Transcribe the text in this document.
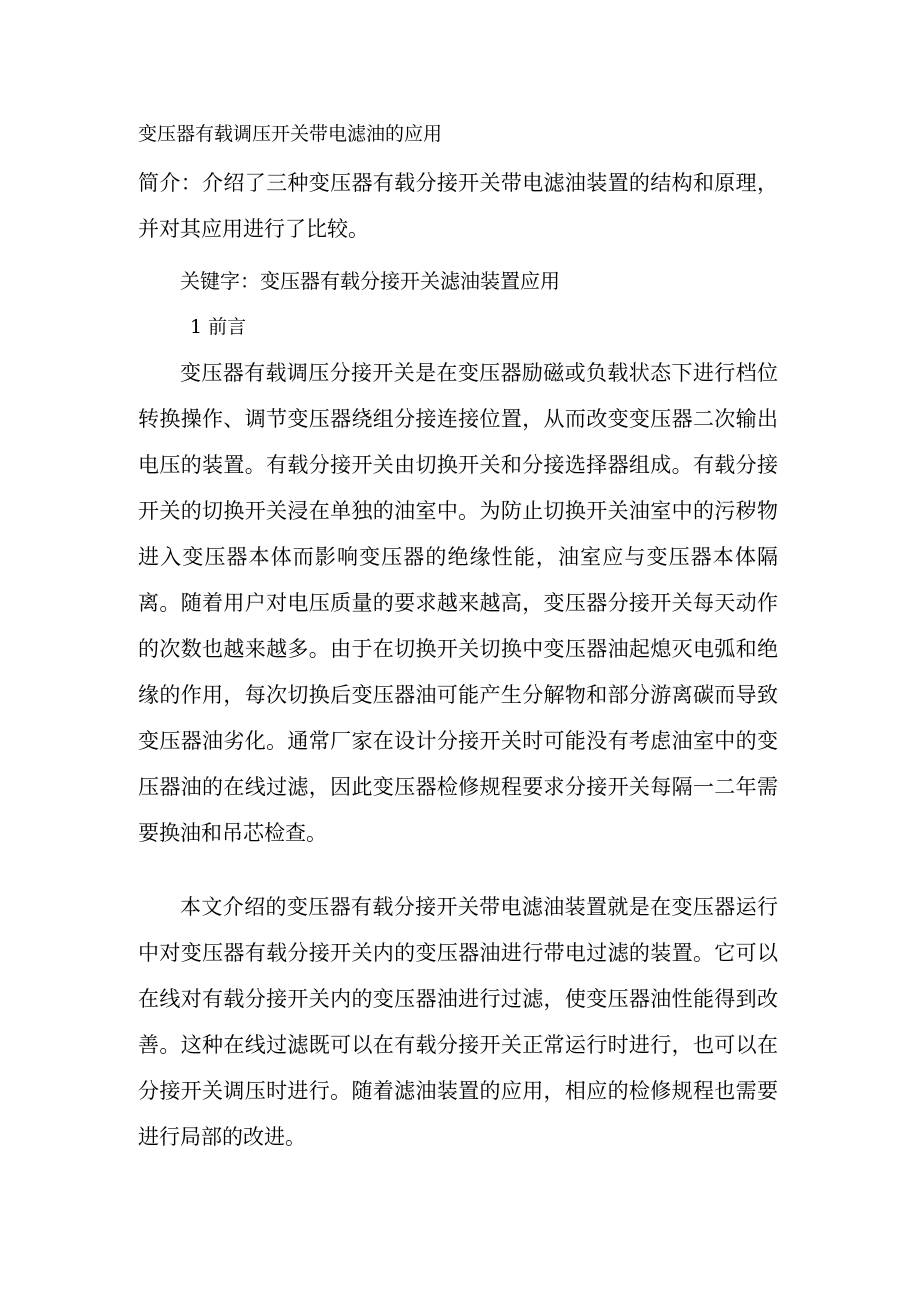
变压器有载调压开关带电滤油的应用
简介：介绍了三种变压器有载分接开关带电滤油装置的结构和原理，并对其应用进行了比较。
关键字：变压器有载分接开关滤油装置应用
1 前言
变压器有载调压分接开关是在变压器励磁或负载状态下进行档位转换操作、调节变压器绕组分接连接位置，从而改变变压器二次输出电压的装置。有载分接开关由切换开关和分接选择器组成。有载分接开关的切换开关浸在单独的油室中。为防止切换开关油室中的污秽物进入变压器本体而影响变压器的绝缘性能，油室应与变压器本体隔离。随着用户对电压质量的要求越来越高，变压器分接开关每天动作的次数也越来越多。由于在切换开关切换中变压器油起熄灭电弧和绝缘的作用，每次切换后变压器油可能产生分解物和部分游离碳而导致变压器油劣化。通常厂家在设计分接开关时可能没有考虑油室中的变压器油的在线过滤，因此变压器检修规程要求分接开关每隔一二年需要换油和吊芯检查。
本文介绍的变压器有载分接开关带电滤油装置就是在变压器运行中对变压器有载分接开关内的变压器油进行带电过滤的装置。它可以在线对有载分接开关内的变压器油进行过滤，使变压器油性能得到改善。这种在线过滤既可以在有载分接开关正常运行时进行，也可以在分接开关调压时进行。随着滤油装置的应用，相应的检修规程也需要进行局部的改进。
